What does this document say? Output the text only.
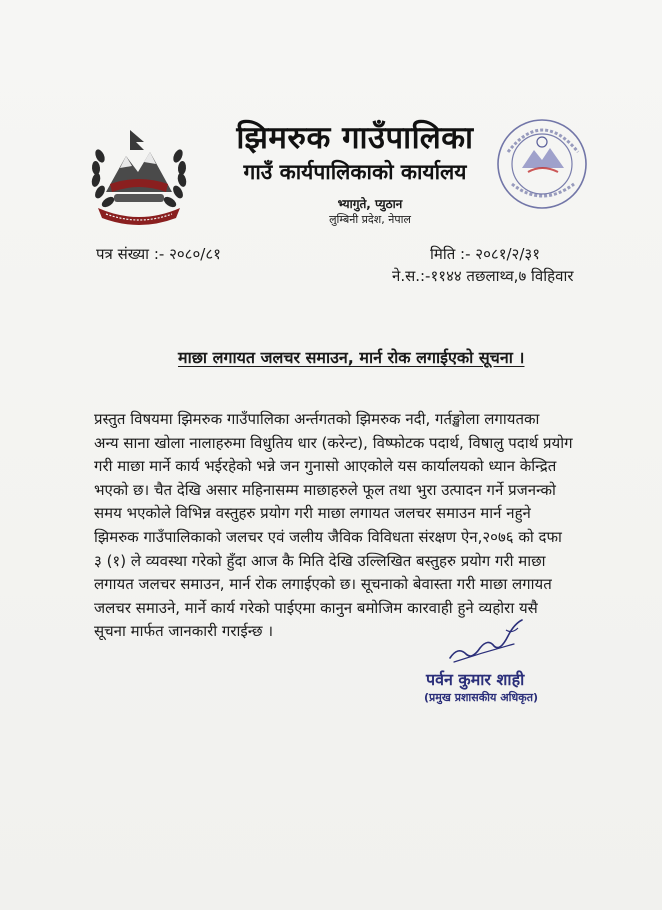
झिमरुक गाउँपालिका
गाउँ कार्यपालिकाको कार्यालय
भ्यागुते, प्युठान
लुम्बिनी प्रदेश, नेपाल
पत्र संख्या :- २०८०/८१	मिति :- २०८१/२/३१
ने.स.:-११४४ तछलाथ्व,७ विहिवार
माछा लगायत जलचर समाउन, मार्न रोक लगाईएको सूचना ।
प्रस्तुत विषयमा झिमरुक गाउँपालिका अर्न्तगतको झिमरुक नदी, गर्तङ्खोला लगायतका
अन्य साना खोला नालाहरुमा विधुतिय धार (करेन्ट), विष्फोटक पदार्थ, विषालु पदार्थ प्रयोग
गरी माछा मार्ने कार्य भईरहेको भन्ने जन गुनासो आएकोले यस कार्यालयको ध्यान केन्द्रित
भएको छ। चैत देखि असार महिनासम्म माछाहरुले फूल तथा भुरा उत्पादन गर्ने प्रजनन्को
समय भएकोले विभिन्न वस्तुहरु प्रयोग गरी माछा लगायत जलचर समाउन मार्न नहुने
झिमरुक गाउँपालिकाको जलचर एवं जलीय जैविक विविधता संरक्षण ऐन,२०७६ को दफा
३ (१) ले व्यवस्था गरेको हुँदा आज कै मिति देखि उल्लिखित बस्तुहरु प्रयोग गरी माछा
लगायत जलचर समाउन, मार्न रोक लगाईएको छ। सूचनाको बेवास्ता गरी माछा लगायत
जलचर समाउने, मार्ने कार्य गरेको पाईएमा कानुन बमोजिम कारवाही हुने व्यहोरा यसै
सूचना मार्फत जानकारी गराईन्छ ।
पर्वन कुमार शाही
(प्रमुख प्रशासकीय अधिकृत)
